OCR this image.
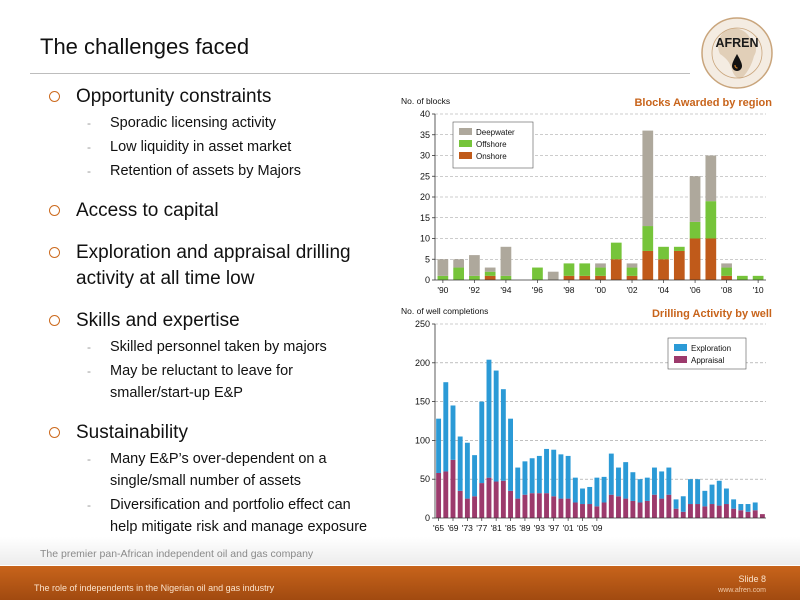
The challenges faced	AFREN
Opportunity constraints
- Sporadic licensing activity
- Low liquidity in asset market
- Retention of assets by Majors
Access to capital
Exploration and appraisal drilling activity at all time low
Skills and expertise
- Skilled personnel taken by majors
- May be reluctant to leave for smaller/start-up E&P
Sustainability
- Many E&P’s over-dependent on a single/small number of assets
- Diversification and portfolio effect can help mitigate risk and manage exposure
No. of blocks	Blocks Awarded by region
0
5
10
15
20
25
30
35
40
'90 '92 '94 '96 '98 '00 '02 '04 '06 '08 '10
Deepwater
Offshore
Onshore
No. of well completions	Drilling Activity by well
0
50
100
150
200
250
'65 '69 '73 '77 '81 '85 '89 '93 '97 '01 '05 '09
Exploration
Appraisal
The premier pan-African independent oil and gas company
The role of independents in the Nigerian oil and gas industry
Slide 8
www.afren.com
